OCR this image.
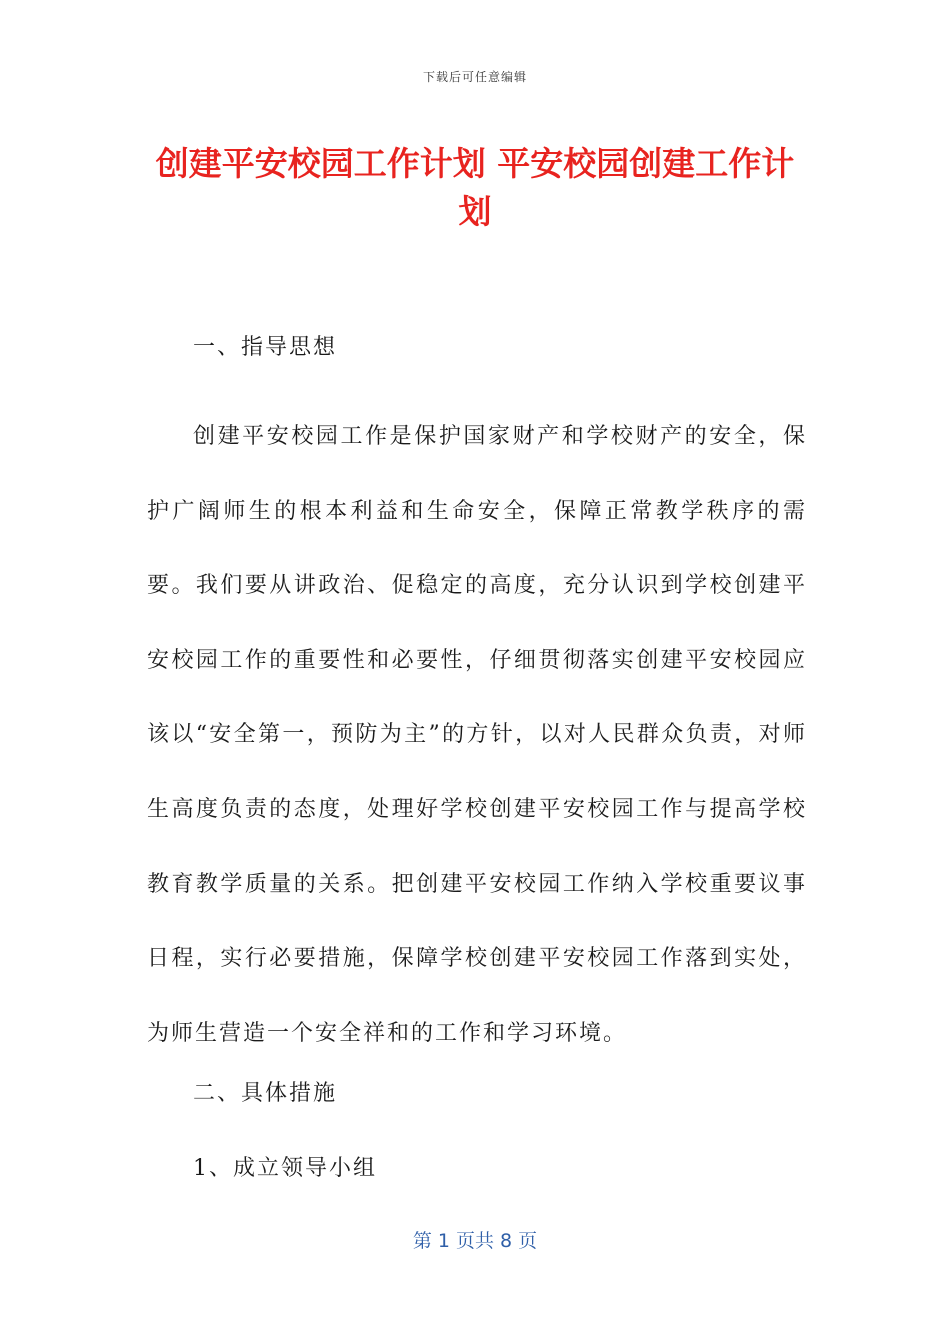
下载后可任意编辑
创建平安校园工作计划 平安校园创建工作计划

一、指导思想

创建平安校园工作是保护国家财产和学校财产的安全，保护广阔师生的根本利益和生命安全，保障正常教学秩序的需要。我们要从讲政治、促稳定的高度，充分认识到学校创建平安校园工作的重要性和必要性，仔细贯彻落实创建平安校园应该以“安全第一，预防为主”的方针，以对人民群众负责，对师生高度负责的态度，处理好学校创建平安校园工作与提高学校教育教学质量的关系。把创建平安校园工作纳入学校重要议事日程，实行必要措施，保障学校创建平安校园工作落到实处，为师生营造一个安全祥和的工作和学习环境。

二、具体措施

1、成立领导小组

第 1 页共 8 页
